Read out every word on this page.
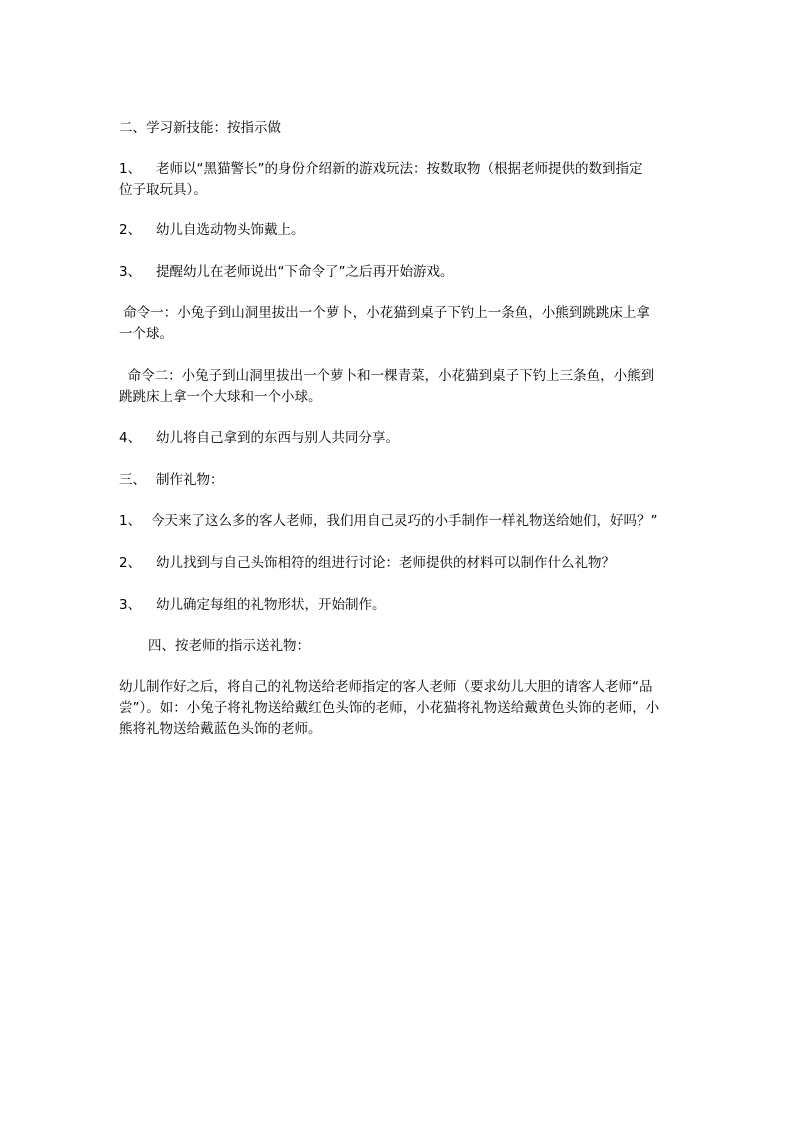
二、学习新技能：按指示做
1、 老师以“黑猫警长”的身份介绍新的游戏玩法：按数取物（根据老师提供的数到指定
位子取玩具）。
2、 幼儿自选动物头饰戴上。
3、 提醒幼儿在老师说出“下命令了”之后再开始游戏。
命令一：小兔子到山洞里拔出一个萝卜，小花猫到桌子下钓上一条鱼，小熊到跳跳床上拿
一个球。
命令二：小兔子到山洞里拔出一个萝卜和一棵青菜，小花猫到桌子下钓上三条鱼，小熊到
跳跳床上拿一个大球和一个小球。
4、 幼儿将自己拿到的东西与别人共同分享。
三、 制作礼物：
1、 今天来了这么多的客人老师，我们用自己灵巧的小手制作一样礼物送给她们，好吗？”
2、 幼儿找到与自己头饰相符的组进行讨论：老师提供的材料可以制作什么礼物？
3、 幼儿确定每组的礼物形状，开始制作。
四、按老师的指示送礼物：
幼儿制作好之后，将自己的礼物送给老师指定的客人老师（要求幼儿大胆的请客人老师“品
尝”）。如：小兔子将礼物送给戴红色头饰的老师，小花猫将礼物送给戴黄色头饰的老师，小
熊将礼物送给戴蓝色头饰的老师。
